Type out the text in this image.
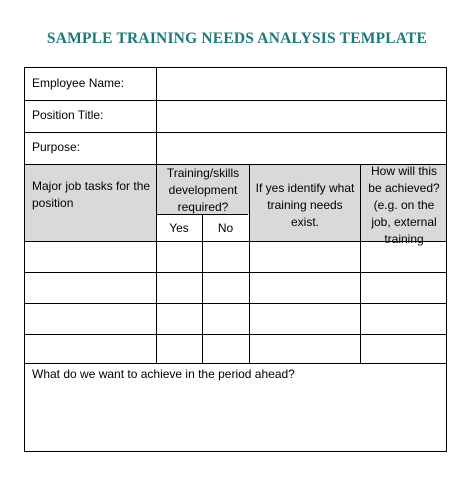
SAMPLE TRAINING NEEDS ANALYSIS TEMPLATE
Employee Name:
Position Title:
Purpose:
Major job tasks for the position
Training/skills development required?
Yes	No
If yes identify what training needs exist.
How will this be achieved? (e.g. on the job, external training
What do we want to achieve in the period ahead?
